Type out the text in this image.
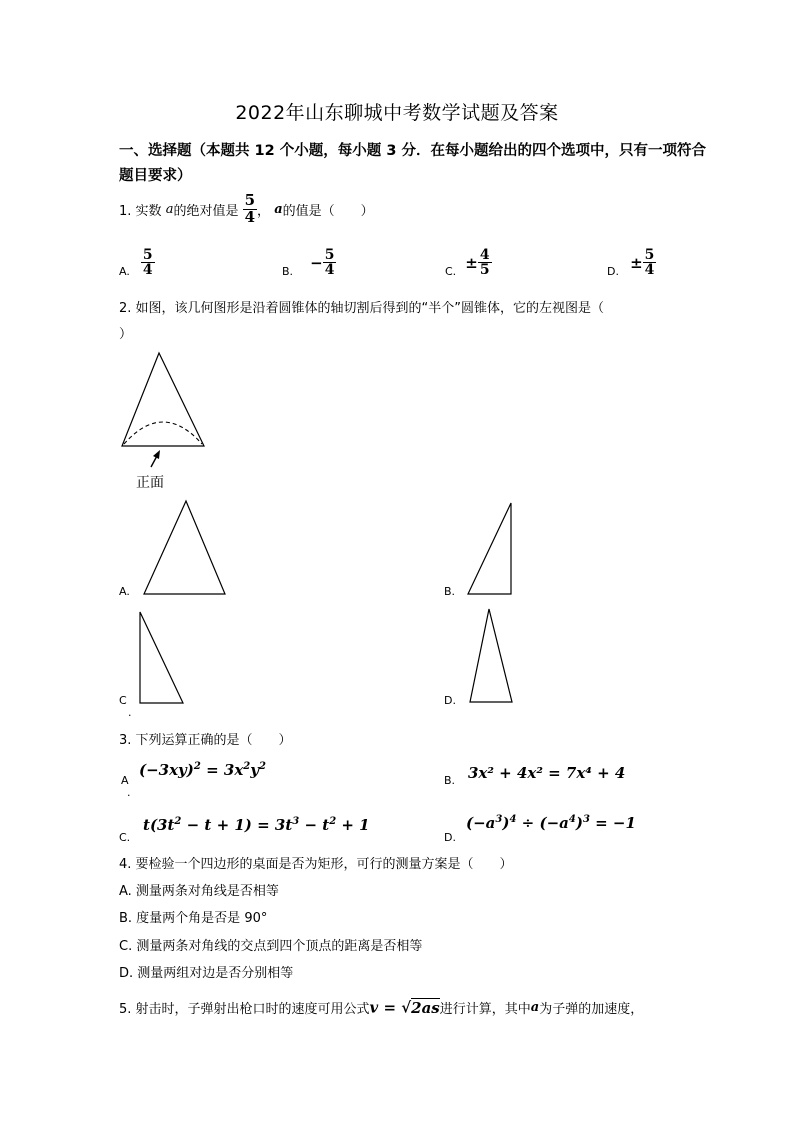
2022年山东聊城中考数学试题及答案
一、选择题（本题共 12 个小题，每小题 3 分．在每小题给出的四个选项中，只有一项符合
题目要求）
1. 实数 a的绝对值是 $\frac{5}{4}$ ， a的值是（　　）
A. $\frac{5}{4}$	B. − $\frac{5}{4}$	C. ± $\frac{4}{5}$	D. ± $\frac{5}{4}$
2. 如图，该几何图形是沿着圆锥体的轴切割后得到的“半个”圆锥体，它的左视图是（
）
正面
A.	B.
C
.
D.
3. 下列运算正确的是（　　）
A
.
$(-3xy)^2 = 3x^2y^2$
B. 3x² + 4x² = 7x⁴ + 4
C.
$t(3t^2 - t + 1) = 3t^3 - t^2 + 1$
D.
$(-a^3)^4 \div (-a^4)^3 = -1$
4. 要检验一个四边形的桌面是否为矩形，可行的测量方案是（　　）
A. 测量两条对角线是否相等
B. 度量两个角是否是 90°
C. 测量两条对角线的交点到四个顶点的距离是否相等
D. 测量两组对边是否分别相等
5. 射击时，子弹射出枪口时的速度可用公式v = √2as进行计算，其中a为子弹的加速度，
